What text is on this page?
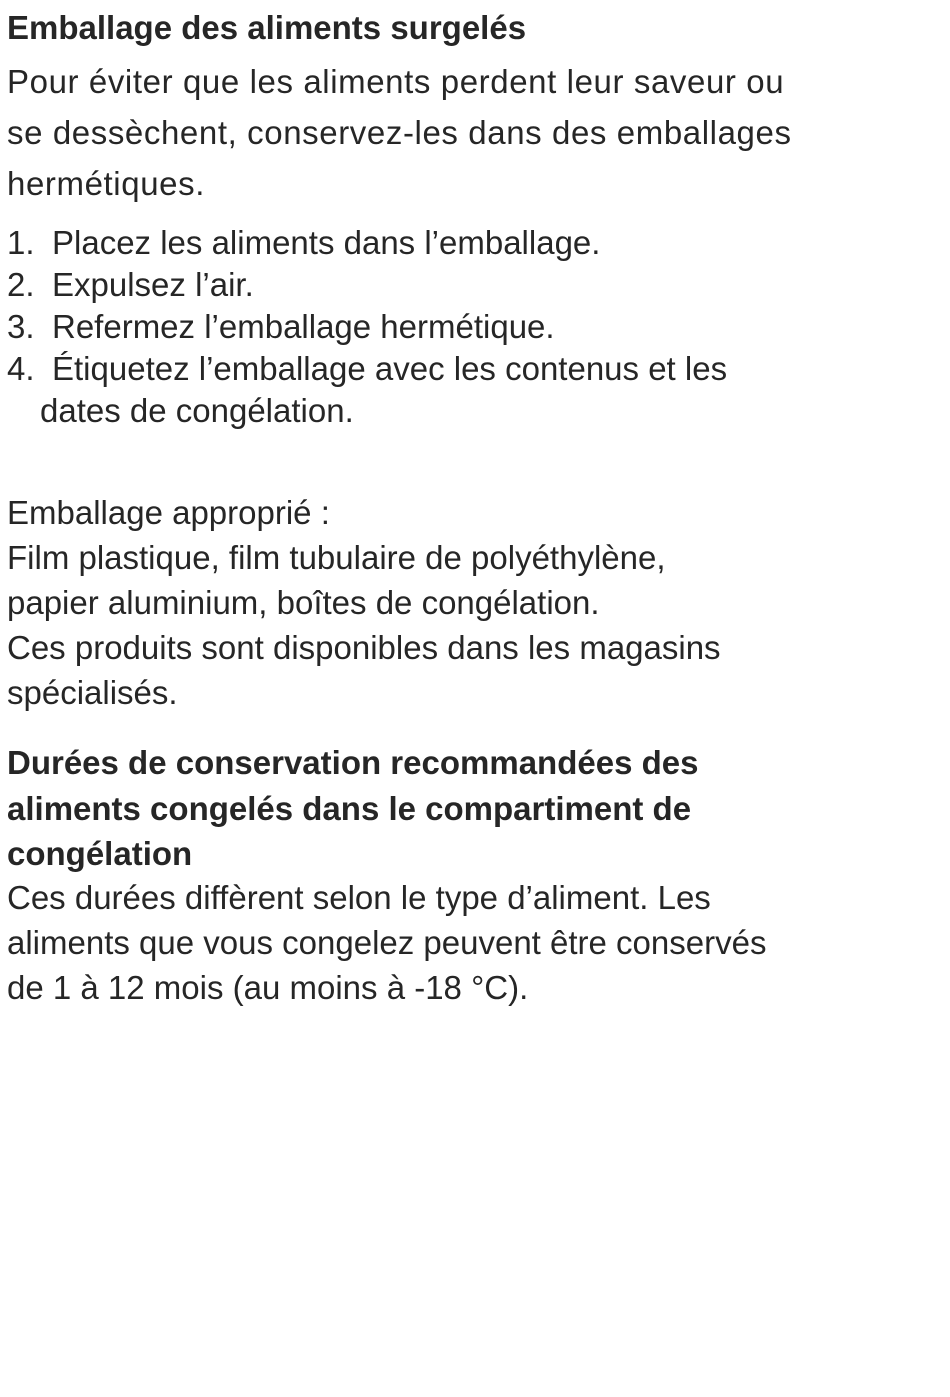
Emballage des aliments surgelés
Pour éviter que les aliments perdent leur saveur ou
se dessèchent, conservez-les dans des emballages
hermétiques.
1. Placez les aliments dans l’emballage.
2. Expulsez l’air.
3. Refermez l’emballage hermétique.
4. Étiquetez l’emballage avec les contenus et les
dates de congélation.
Emballage approprié :
Film plastique, film tubulaire de polyéthylène,
papier aluminium, boîtes de congélation.
Ces produits sont disponibles dans les magasins
spécialisés.
Durées de conservation recommandées des
aliments congelés dans le compartiment de
congélation
Ces durées diffèrent selon le type d’aliment. Les
aliments que vous congelez peuvent être conservés
de 1 à 12 mois (au moins à -18 °C).
